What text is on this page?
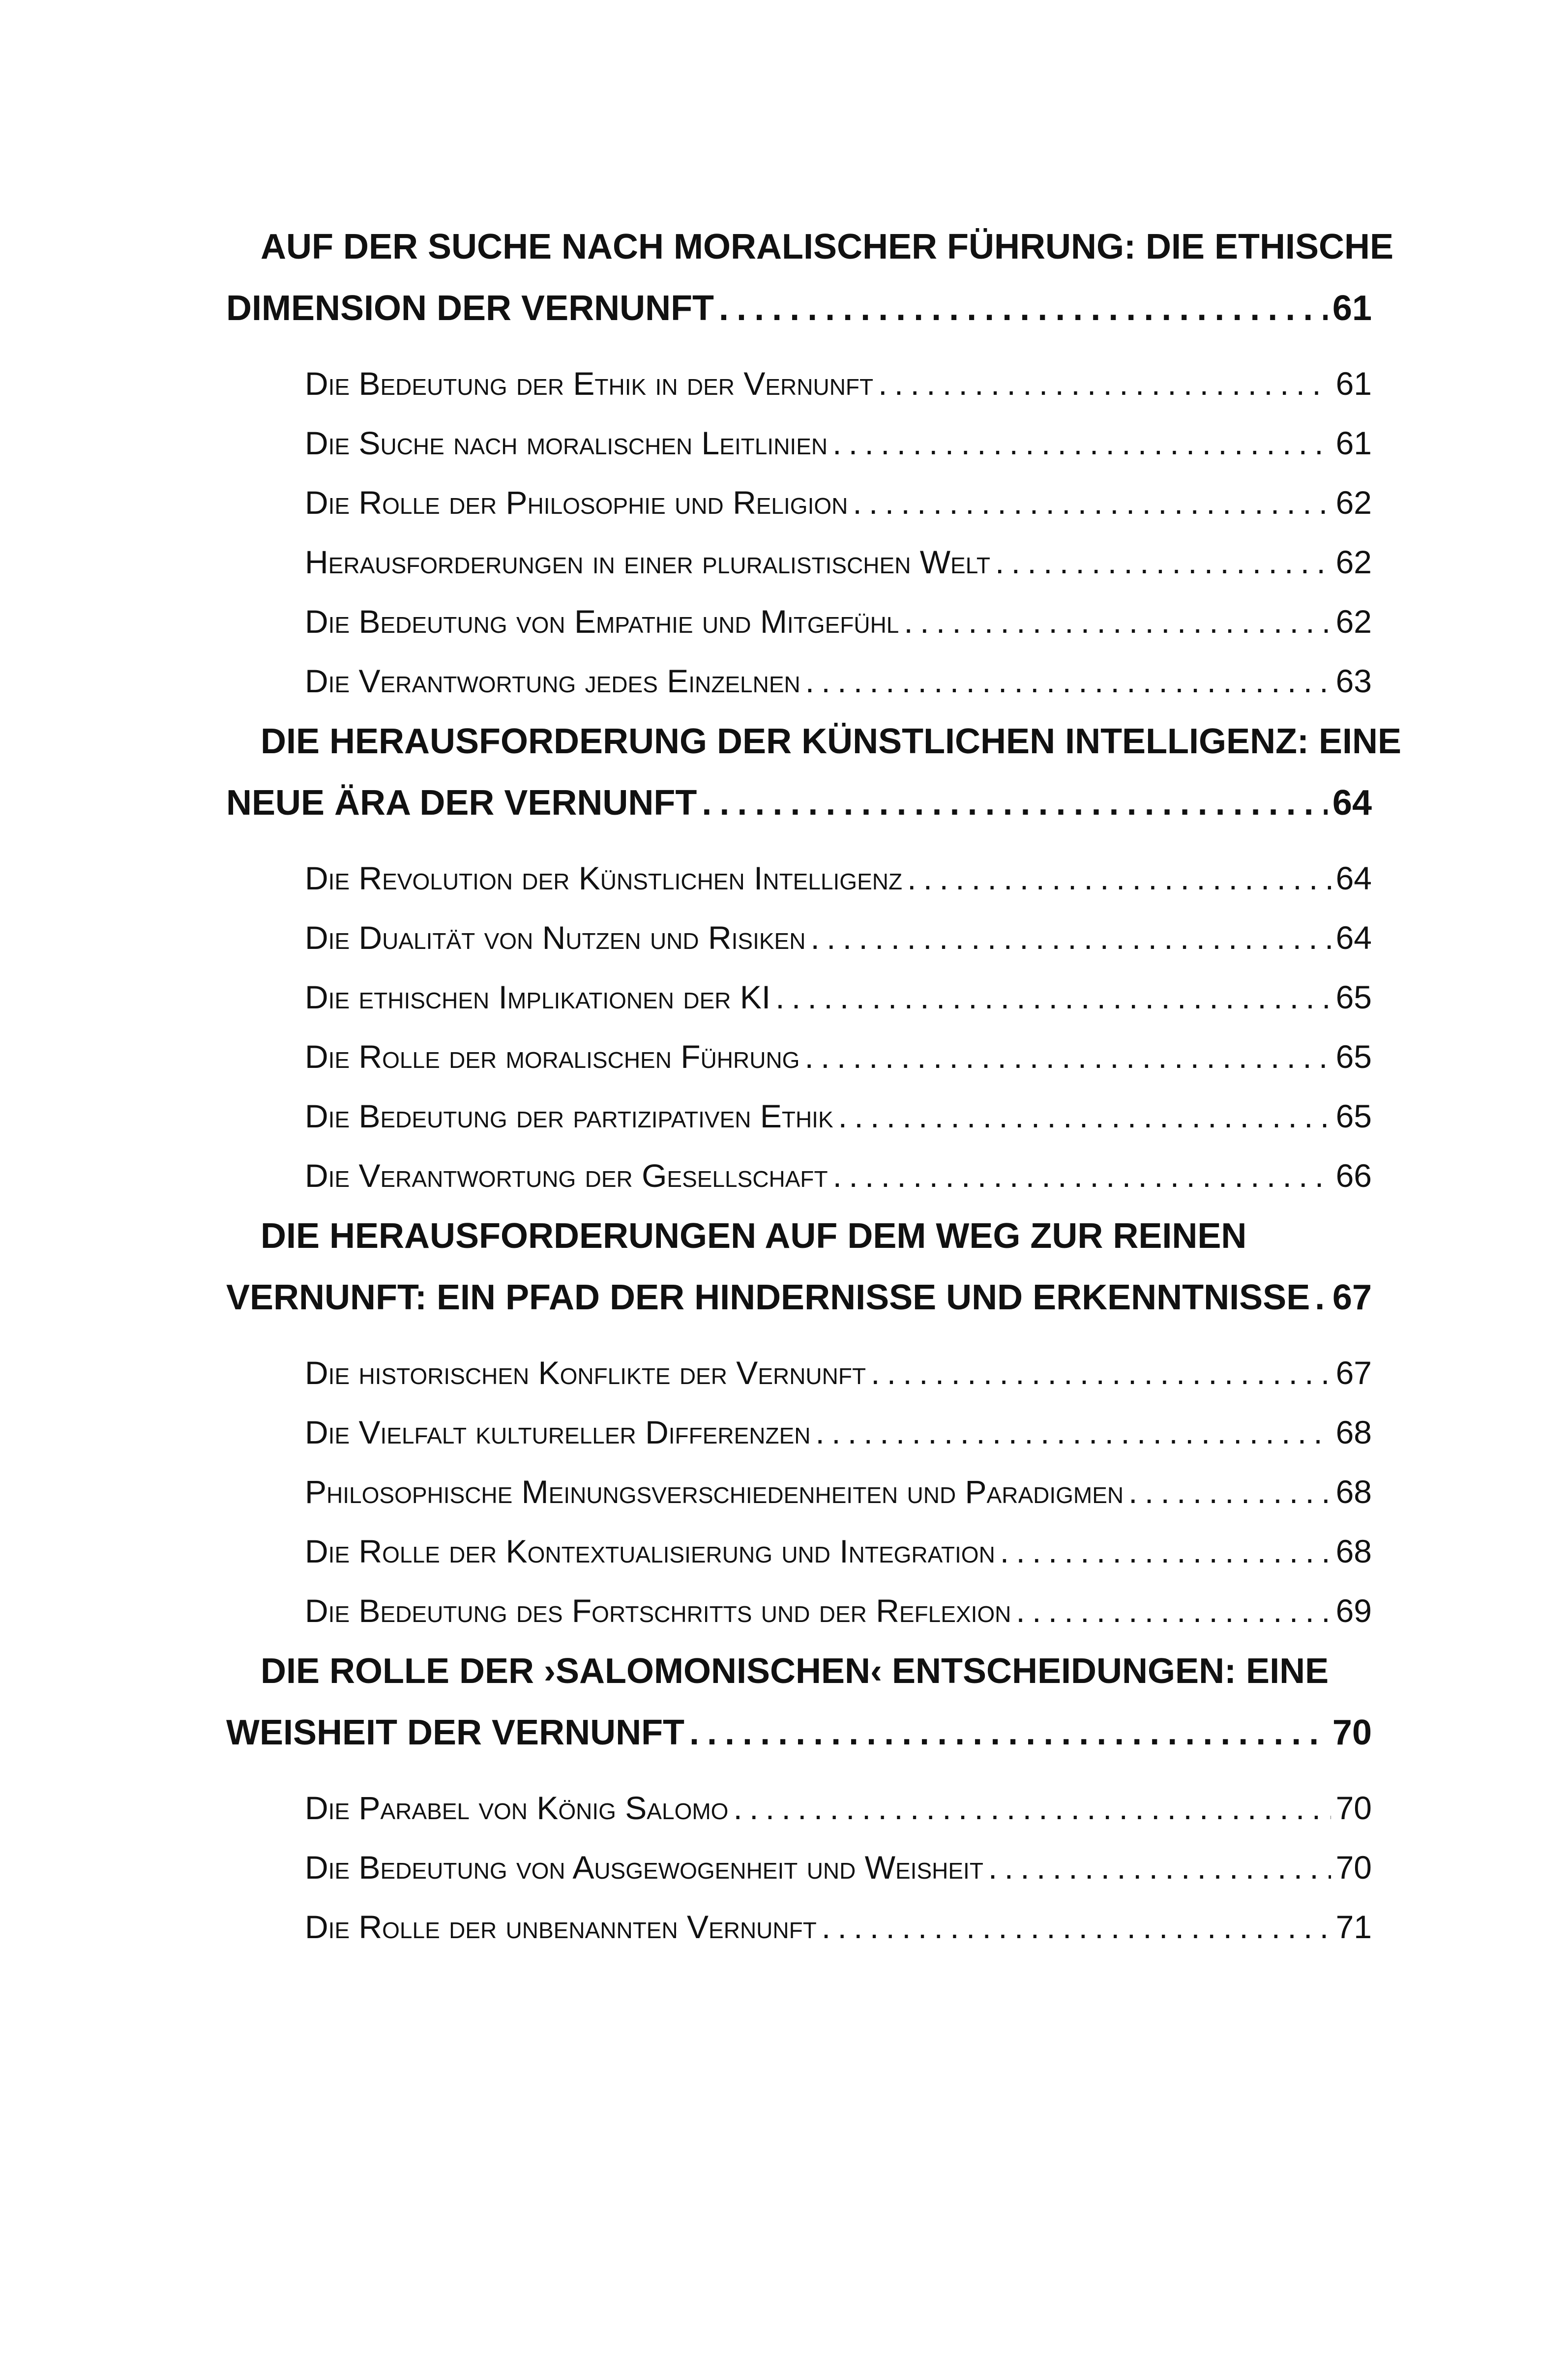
AUF DER SUCHE NACH MORALISCHER FÜHRUNG: DIE ETHISCHE
DIMENSION DER VERNUNFT . . .	61
Die Bedeutung der Ethik in der Vernunft . . .	61
Die Suche nach moralischen Leitlinien . . .	61
Die Rolle der Philosophie und Religion . . .	62
Herausforderungen in einer pluralistischen Welt . . .	62
Die Bedeutung von Empathie und Mitgefühl . . .	62
Die Verantwortung jedes Einzelnen . . .	63
DIE HERAUSFORDERUNG DER KÜNSTLICHEN INTELLIGENZ: EINE
NEUE ÄRA DER VERNUNFT . . .	64
Die Revolution der Künstlichen Intelligenz . . .	64
Die Dualität von Nutzen und Risiken . . .	64
Die ethischen Implikationen der KI . . .	65
Die Rolle der moralischen Führung . . .	65
Die Bedeutung der partizipativen Ethik . . .	65
Die Verantwortung der Gesellschaft . . .	66
DIE HERAUSFORDERUNGEN AUF DEM WEG ZUR REINEN
VERNUNFT: EIN PFAD DER HINDERNISSE UND ERKENNTNISSE . . . 67
Die historischen Konflikte der Vernunft . . .	67
Die Vielfalt kultureller Differenzen . . .	68
Philosophische Meinungsverschiedenheiten und Paradigmen . . .	68
Die Rolle der Kontextualisierung und Integration . . .	68
Die Bedeutung des Fortschritts und der Reflexion . . .	69
DIE ROLLE DER ›SALOMONISCHEN‹ ENTSCHEIDUNGEN: EINE
WEISHEIT DER VERNUNFT . . .	70
Die Parabel von König Salomo . . .	70
Die Bedeutung von Ausgewogenheit und Weisheit . . .	70
Die Rolle der unbenannten Vernunft . . .	71
